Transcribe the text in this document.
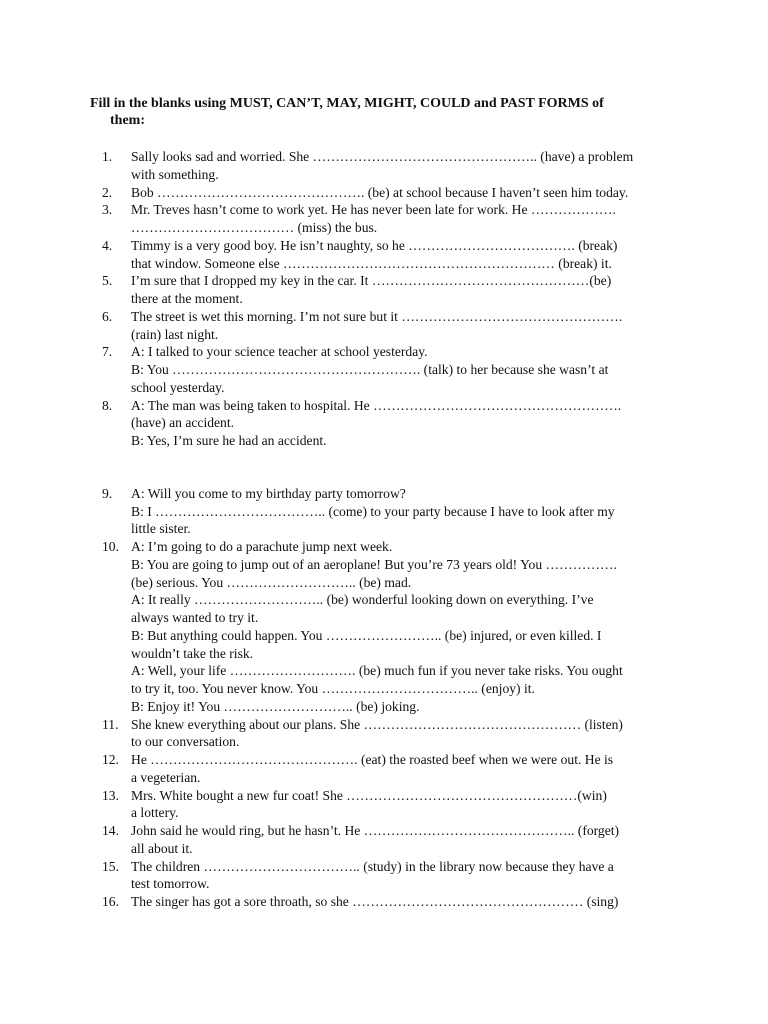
Fill in the blanks using MUST, CAN’T, MAY, MIGHT, COULD and PAST FORMS of
them:
1.	Sally looks sad and worried. She ………………………………………….. (have) a problem
with something.
2.	Bob ………………………………………. (be) at school because I haven’t seen him today.
3.	Mr. Treves hasn’t come to work yet. He has never been late for work. He ……………….
……………………………… (miss) the bus.
4.	Timmy is a very good boy. He isn’t naughty, so he ………………………………. (break)
that window. Someone else …………………………………………………… (break) it.
5.	I’m sure that I dropped my key in the car. It …………………………………………(be)
there at the moment.
6.	The street is wet this morning. I’m not sure but it ………………………………………….
(rain) last night.
7.	A: I talked to your science teacher at school yesterday.
B: You ………………………………………………. (talk) to her because she wasn’t at
school yesterday.
8.	A: The man was being taken to hospital. He ……………………………………………….
(have) an accident.
B: Yes, I’m sure he had an accident.
9.	A: Will you come to my birthday party tomorrow?
B: I ……………………………….. (come) to your party because I have to look after my
little sister.
10. A: I’m going to do a parachute jump next week.
B: You are going to jump out of an aeroplane! But you’re 73 years old! You …………….
(be) serious. You ……………………….. (be) mad.
A: It really ……………………….. (be) wonderful looking down on everything. I’ve
always wanted to try it.
B: But anything could happen. You …………………….. (be) injured, or even killed. I
wouldn’t take the risk.
A: Well, your life ………………………. (be) much fun if you never take risks. You ought
to try it, too. You never know. You …………………………….. (enjoy) it.
B: Enjoy it! You ……………………….. (be) joking.
11. She knew everything about our plans. She ………………………………………… (listen)
to our conversation.
12. He ………………………………………. (eat) the roasted beef when we were out. He is
a vegeterian.
13. Mrs. White bought a new fur coat! She ……………………………………………(win)
a lottery.
14. John said he would ring, but he hasn’t. He ……………………………………….. (forget)
all about it.
15. The children …………………………….. (study) in the library now because they have a
test tomorrow.
16. The singer has got a sore throath, so she …………………………………………… (sing)
